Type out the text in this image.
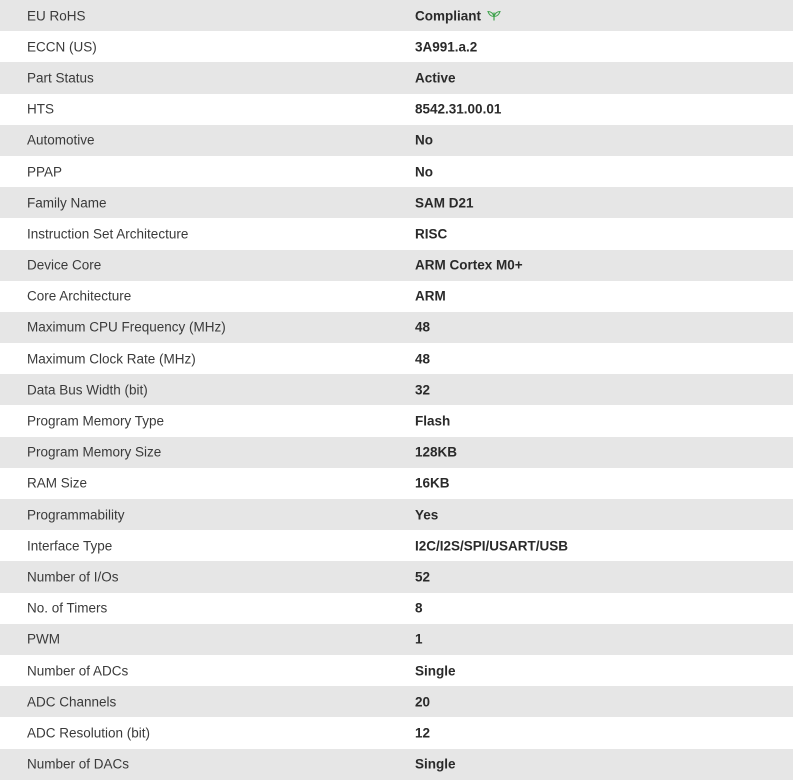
EU RoHS	Compliant
ECCN (US)	3A991.a.2
Part Status	Active
HTS	8542.31.00.01
Automotive	No
PPAP	No
Family Name	SAM D21
Instruction Set Architecture	RISC
Device Core	ARM Cortex M0+
Core Architecture	ARM
Maximum CPU Frequency (MHz)	48
Maximum Clock Rate (MHz)	48
Data Bus Width (bit)	32
Program Memory Type	Flash
Program Memory Size	128KB
RAM Size	16KB
Programmability	Yes
Interface Type	I2C/I2S/SPI/USART/USB
Number of I/Os	52
No. of Timers	8
PWM	1
Number of ADCs	Single
ADC Channels	20
ADC Resolution (bit)	12
Number of DACs	Single
